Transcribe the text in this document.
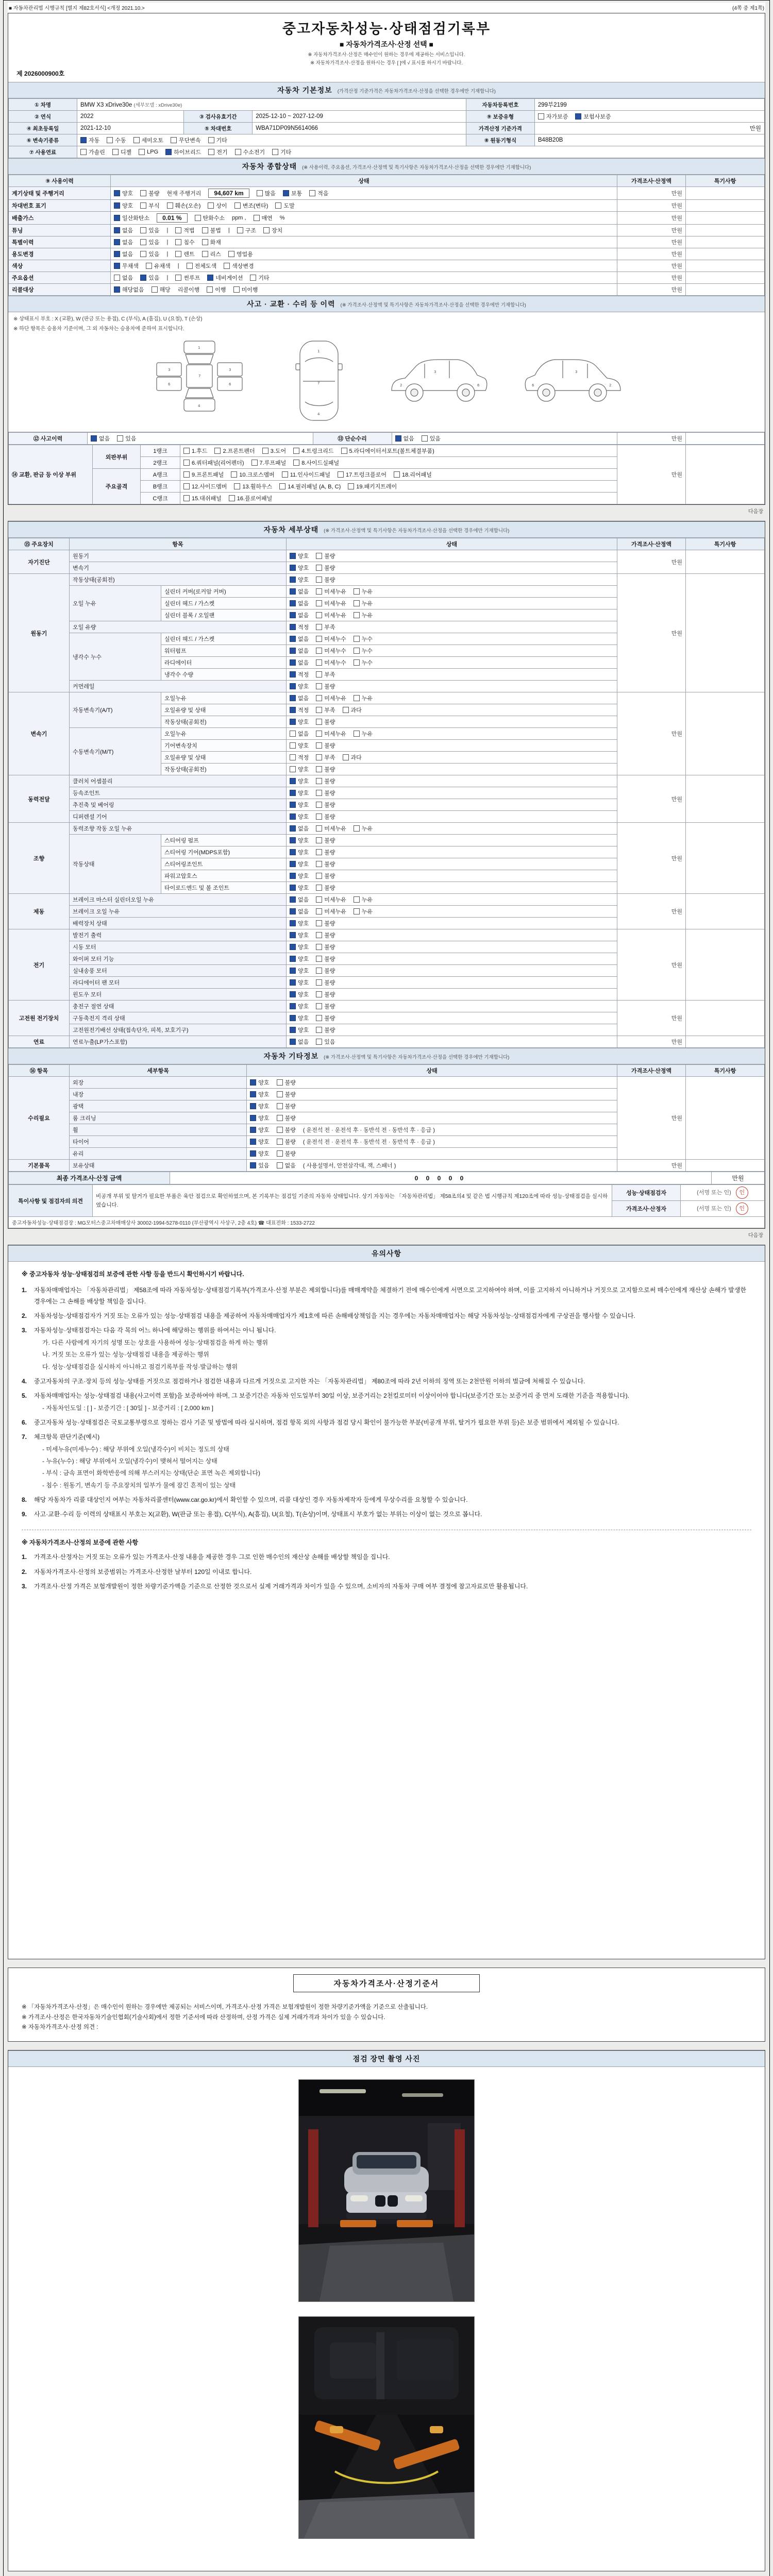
■ 자동차관리법 시행규칙 [별지 제82호서식] <개정 2021.10.>	(4쪽 중 제1쪽)
중고자동차성능·상태점검기록부
■ 자동차가격조사·산정 선택 ■
※ 자동차가격조사·산정은 매수인이 원하는 경우에 제공하는 서비스입니다.
※ 자동차가격조사·산정을 원하시는 경우 [ ]에 √ 표시를 하시기 바랍니다.
제 2026000900호
자동차 기본정보 (가격산정 기준가격은 자동차가격조사·산정을 선택한 경우에만 기재합니다)
① 차명	BMW X3 xDrive30e (세부모델 : xDrive30e)			자동차등록번호	299부2199
② 연식	2022	③ 검사유효기간	2025-12-10 ~ 2027-12-09	⑨ 보증유형	자가보증 보험사보증

④ 최초등록일	2021-12-10	⑤ 차대번호	WBA71DP09N5614066	가격산정 기준가격	만원
⑥ 변속기종류	자동 수동 세미오토 무단변속 기타			⑧ 원동기형식	B48B20B
⑦ 사용연료	가솔린	디젤	LPG	하이브리드	전기	수소전기	기타
자동차 종합상태 (※ 사용이력, 주요옵션, 가격조사·산정액 및 특기사항은 자동차가격조사·산정을 선택한 경우에만 기재합니다)
⑨ 사용이력	상태	가격조사·산정액	특기사항
계기상태 및 주행거리	양호	불량 현재 주행거리	94,607 km	많음	보통	적음	만원	
차대번호 표기	양호	부식	훼손(오손)	상이	변조(변타)	도말	만원	
배출가스	일산화탄소	0.01 %	탄화수소 ppm ,	매연 %	만원	
튜닝	없음	있음 |	적법	불법 |	구조	장치	만원	
특별이력	없음 있음 | 침수 화재	만원	
용도변경	없음	있음 |	렌트	리스	영업용	만원	
색상	무채색 유채색 | 전체도색 색상변경	만원	
주요옵션	없음	있음 |	썬루프	네비게이션	기타	만원	
리콜대상	해당없음 해당 리콜이행 이행 미이행	만원	
사고 · 교환 · 수리 등 이력 (※ 가격조사·산정액 및 특기사항은 자동차가격조사·산정을 선택한 경우에만 기재합니다)
※ 상태표시 부호 : X (교환), W (판금 또는 용접), C (부식), A (흠집), U (요철), T (손상)
※ 하단 항목은 승용차 기준이며, 그 외 자동차는 승용차에 준하여 표시합니다.
1
7
4
3	3
6	6
1
7
4
3
2	6
3
2
6
⑫ 사고이력	없음	있음	⑬ 단순수리	없음	있음	만원	
⑭ 교환, 판금 등 이상 부위	외판부위	1랭크	1.후드 2.프론트펜더 3.도어 4.트렁크리드 5.라디에이터서포트(볼트체결부품)	만원	
		2랭크	6.쿼터패널(리어펜더) 7.루프패널 8.사이드실패널		

	주요골격	A랭크	9.프론트패널 10.크로스멤버 11.인사이드패널 17.트렁크플로어 18.리어패널		

		B랭크	12.사이드멤버 13.휠하우스 14.필러패널 (A, B, C) 19.패키지트레이		

		C랭크	15.대쉬패널 16.플로어패널		
다음장
자동차 세부상태 (※ 가격조사·산정액 및 특기사항은 자동차가격조사·산정을 선택한 경우에만 기재합니다)
⑮ 주요장치	항목		상태	가격조사·산정액	특기사항
자기진단	원동기		양호 불량	만원	
	변속기		양호 불량		

원동기	작동상태(공회전)		양호 불량	만원	
	오일 누유	실린더 커버(로커암 커버)	없음 미세누유 누유		

		실린더 헤드 / 가스켓	없음 미세누유 누유		

		실린더 블록 / 오일팬	없음 미세누유 누유		

	오일 유량		적정 부족		

	냉각수 누수	실린더 헤드 / 가스켓	없음 미세누수 누수		

		워터펌프	없음 미세누수 누수		

		라디에이터	없음 미세누수 누수		

		냉각수 수량	적정 부족		

	커먼레일		양호 불량		

변속기	자동변속기(A/T)	오일누유	없음 미세누유 누유	만원	
		오일유량 및 상태	적정 부족 과다		

		작동상태(공회전)	양호 불량		

	수동변속기(M/T)	오일누유	없음 미세누유 누유		

		기어변속장치	양호 불량		

		오일유량 및 상태	적정 부족 과다		

		작동상태(공회전)	양호 불량		

동력전달	클러치 어셈블리		양호 불량	만원	
	등속조인트		양호 불량		

	추진축 및 베어링		양호 불량		

	디퍼렌셜 기어		양호 불량		

조향	동력조향 작동 오일 누유		없음 미세누유 누유	만원	
	작동상태	스티어링 펌프	양호 불량		

		스티어링 기어(MDPS포함)	양호 불량		

		스티어링조인트	양호 불량		

		파워고압호스	양호 불량		

		타이로드엔드 및 볼 조인트	양호 불량		

제동	브레이크 마스터 실린더오일 누유		없음 미세누유 누유	만원	
	브레이크 오일 누유		없음 미세누유 누유		

	배력장치 상태		양호 불량		

전기	발전기 출력		양호 불량	만원	
	시동 모터		양호 불량		

	와이퍼 모터 기능		양호 불량		

	실내송풍 모터		양호 불량		

	라디에이터 팬 모터		양호 불량		

	윈도우 모터		양호 불량		

고전원 전기장치	충전구 절연 상태		양호 불량	만원	
	구동축전지 격리 상태		양호 불량		

	고전원전기배선 상태(접속단자, 피복, 보호기구)		양호 불량		

연료	연료누출(LP가스포함)		없음 있음	만원	
자동차 기타정보 (※ 가격조사·산정액 및 특기사항은 자동차가격조사·산정을 선택한 경우에만 기재합니다)
⑯ 항목	세부항목	상태	가격조사·산정액	특기사항
수리필요	외장	양호 불량	만원	
	내장	양호 불량		

	광택	양호 불량		

	룸 크리닝	양호 불량		

	휠	양호 불량 ( 운전석 전 · 운전석 후 · 동반석 전 · 동반석 후 · 응급 )		

	타이어	양호 불량 ( 운전석 전 · 운전석 후 · 동반석 전 · 동반석 후 · 응급 )		

	유리	양호 불량		

기본품목	보유상태	있음 없음 ( 사용설명서, 안전삼각대, 잭, 스패너 )	만원	
최종 가격조사·산정 금액	0 0 0 0 0	만원
특이사항 및 점검자의 의견	비공개 부위 및 탈거가 필요한 부품은 육안 점검으로 확인하였으며, 본 기록부는 점검일 기준의 자동차 상태입니다. 상기 자동차는 「자동차관리법」 제58조의4 및 같은 법 시행규칙 제120조에 따라 성능·상태점검을 실시하였습니다.	성능·상태점검자	(서명 또는 인) 인
		가격조사·산정자	(서명 또는 인) 인
중고자동차성능·상태점검장 : MG모터스중고차매매상사 30002-1994-5278-0110 (부산광역시 사상구, 2층 4호) ☎ 대표전화 : 1533-2722			
다음장
유의사항
※ 중고자동차 성능·상태점검의 보증에 관한 사항 등을 반드시 확인하시기 바랍니다.
1.	자동차매매업자는 「자동차관리법」 제58조에 따라 자동차성능·상태점검기록부(가격조사·산정 부분은 제외합니다)를 매매계약을 체결하기 전에 매수인에게 서면으로 고지하여야 하며, 이를 고지하지 아니하거나 거짓으로 고지함으로써 매수인에게 재산상 손해가 발생한 경우에는 그 손해를 배상할 책임을 집니다.
2.	자동차성능·상태점검자가 거짓 또는 오류가 있는 성능·상태점검 내용을 제공하여 자동차매매업자가 제1호에 따른 손해배상책임을 지는 경우에는 자동차매매업자는 해당 자동차성능·상태점검자에게 구상권을 행사할 수 있습니다.
3.	자동차성능·상태점검자는 다음 각 목의 어느 하나에 해당하는 행위를 하여서는 아니 됩니다.
가. 다른 사람에게 자기의 성명 또는 상호를 사용하여 성능·상태점검을 하게 하는 행위
나. 거짓 또는 오류가 있는 성능·상태점검 내용을 제공하는 행위
다. 성능·상태점검을 실시하지 아니하고 점검기록부를 작성·발급하는 행위
4.	중고자동차의 구조·장치 등의 성능·상태를 거짓으로 점검하거나 점검한 내용과 다르게 거짓으로 고지한 자는 「자동차관리법」 제80조에 따라 2년 이하의 징역 또는 2천만원 이하의 벌금에 처해질 수 있습니다.
5.	자동차매매업자는 성능·상태점검 내용(사고이력 포함)을 보증하여야 하며, 그 보증기간은 자동차 인도일부터 30일 이상, 보증거리는 2천킬로미터 이상이어야 합니다(보증기간 또는 보증거리 중 먼저 도래한 기준을 적용합니다).
- 자동차인도일 : [ ] - 보증기간 : [ 30일 ] - 보증거리 : [ 2,000 km ]
6.	중고자동차 성능·상태점검은 국토교통부령으로 정하는 검사 기준 및 방법에 따라 실시하며, 점검 항목 외의 사항과 점검 당시 확인이 불가능한 부분(비공개 부위, 탈거가 필요한 부위 등)은 보증 범위에서 제외될 수 있습니다.
7.	체크항목 판단기준(예시)
- 미세누유(미세누수) : 해당 부위에 오일(냉각수)이 비치는 정도의 상태
- 누유(누수) : 해당 부위에서 오일(냉각수)이 맺혀서 떨어지는 상태
- 부식 : 금속 표면이 화학반응에 의해 부스러지는 상태(단순 표면 녹은 제외합니다)
- 침수 : 원동기, 변속기 등 주요장치의 일부가 물에 잠긴 흔적이 있는 상태
8.	해당 자동차가 리콜 대상인지 여부는 자동차리콜센터(www.car.go.kr)에서 확인할 수 있으며, 리콜 대상인 경우 자동차제작자 등에게 무상수리를 요청할 수 있습니다.
9.	사고·교환·수리 등 이력의 상태표시 부호는 X(교환), W(판금 또는 용접), C(부식), A(흠집), U(요철), T(손상)이며, 상태표시 부호가 없는 부위는 이상이 없는 것으로 봅니다.
※ 자동차가격조사·산정의 보증에 관한 사항
1.	가격조사·산정자는 거짓 또는 오류가 있는 가격조사·산정 내용을 제공한 경우 그로 인한 매수인의 재산상 손해를 배상할 책임을 집니다.
2.	자동차가격조사·산정의 보증범위는 가격조사·산정한 날부터 120일 이내로 합니다.
3.	가격조사·산정 가격은 보험개발원이 정한 차량기준가액을 기준으로 산정한 것으로서 실제 거래가격과 차이가 있을 수 있으며, 소비자의 자동차 구매 여부 결정에 참고자료로만 활용됩니다.
자동차가격조사·산정기준서
※ 「자동차가격조사·산정」은 매수인이 원하는 경우에만 제공되는 서비스이며, 가격조사·산정 가격은 보험개발원이 정한 차량기준가액을 기준으로 산출됩니다.
※ 가격조사·산정은 한국자동차기술인협회(기술사회)에서 정한 기준서에 따라 산정하며, 산정 가격은 실제 거래가격과 차이가 있을 수 있습니다.
※ 자동차가격조사·산정 의견 :
점검 장면 촬영 사진
